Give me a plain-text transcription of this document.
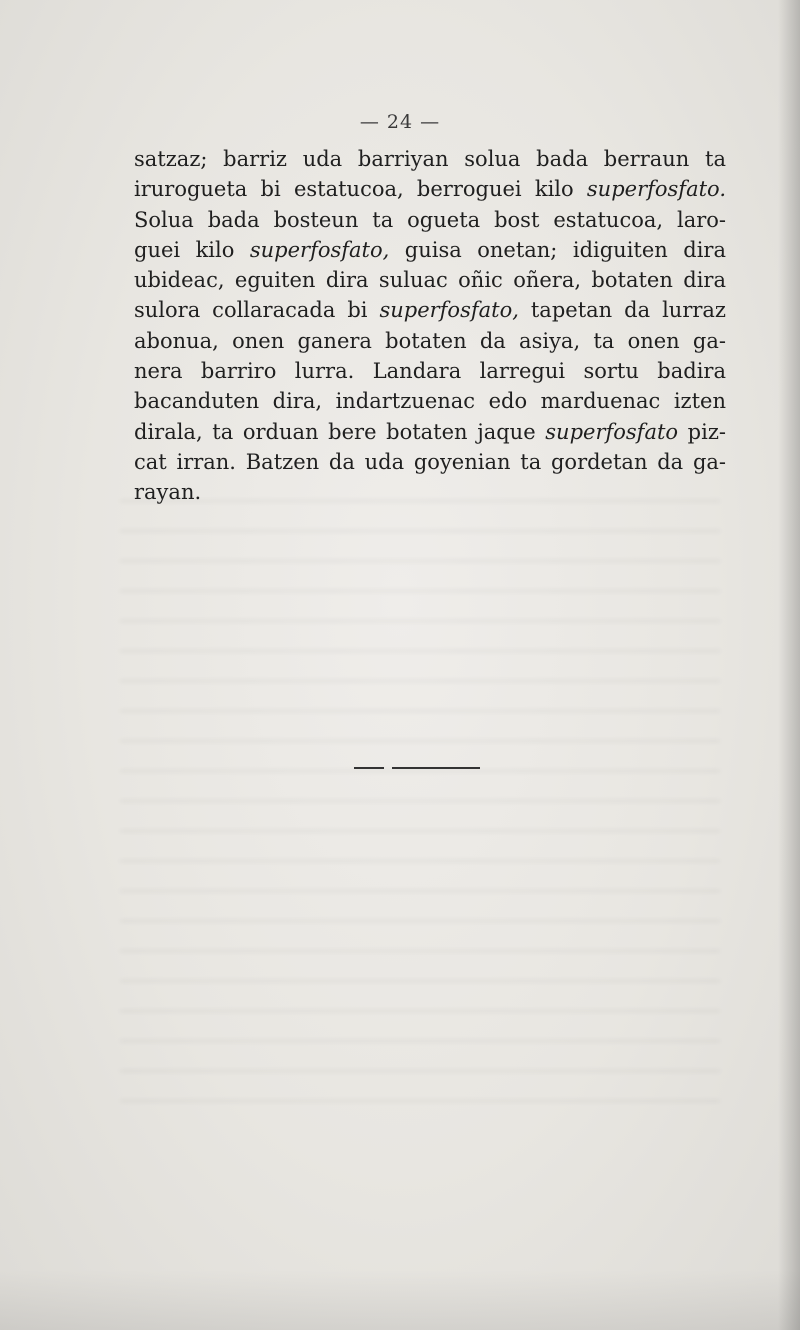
— 24 —
satzaz; barriz uda barriyan solua bada berraun ta
irurogueta bi estatucoa, berroguei kilo superfosfato.
Solua bada bosteun ta ogueta bost estatucoa, laro-
guei kilo superfosfato, guisa onetan; idiguiten dira
ubideac, eguiten dira suluac oñic oñera, botaten dira
sulora collaracada bi superfosfato, tapetan da lurraz
abonua, onen ganera botaten da asiya, ta onen ga-
nera barriro lurra. Landara larregui sortu badira
bacanduten dira, indartzuenac edo marduenac izten
dirala, ta orduan bere botaten jaque superfosfato piz-
cat irran. Batzen da uda goyenian ta gordetan da ga-
rayan.
